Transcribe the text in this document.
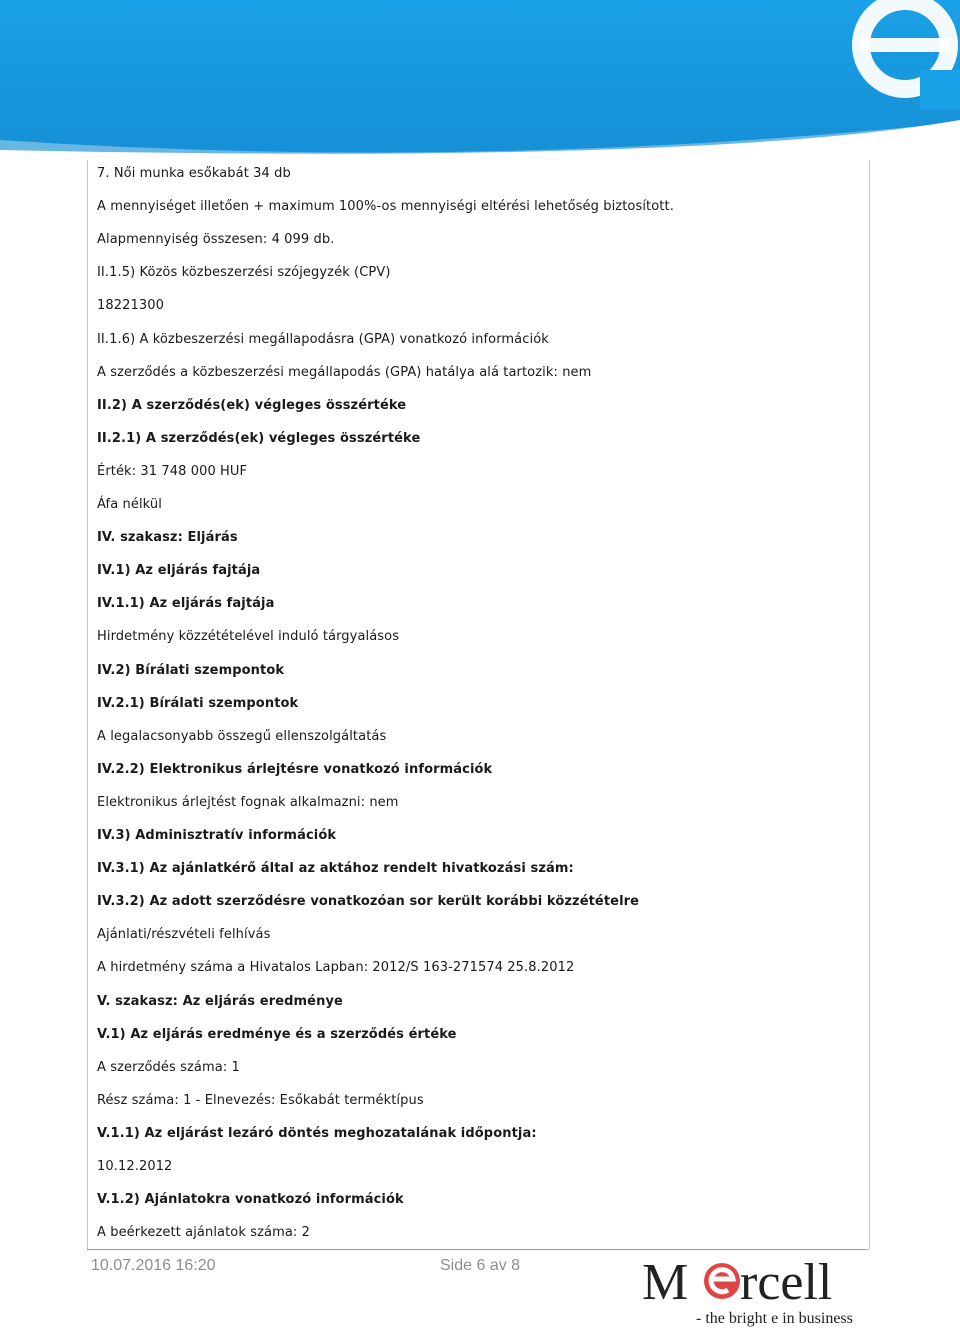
7. Női munka esőkabát 34 db
A mennyiséget illetően + maximum 100%-os mennyiségi eltérési lehetőség biztosított.
Alapmennyiség összesen: 4 099 db.
II.1.5) Közös közbeszerzési szójegyzék (CPV)
18221300
II.1.6) A közbeszerzési megállapodásra (GPA) vonatkozó információk
A szerződés a közbeszerzési megállapodás (GPA) hatálya alá tartozik: nem
II.2) A szerződés(ek) végleges összértéke
II.2.1) A szerződés(ek) végleges összértéke
Érték: 31 748 000 HUF
Áfa nélkül
IV. szakasz: Eljárás
IV.1) Az eljárás fajtája
IV.1.1) Az eljárás fajtája
Hirdetmény közzétételével induló tárgyalásos
IV.2) Bírálati szempontok
IV.2.1) Bírálati szempontok
A legalacsonyabb összegű ellenszolgáltatás
IV.2.2) Elektronikus árlejtésre vonatkozó információk
Elektronikus árlejtést fognak alkalmazni: nem
IV.3) Adminisztratív információk
IV.3.1) Az ajánlatkérő által az aktához rendelt hivatkozási szám:
IV.3.2) Az adott szerződésre vonatkozóan sor került korábbi közzétételre
Ajánlati/részvételi felhívás
A hirdetmény száma a Hivatalos Lapban: 2012/S 163-271574 25.8.2012
V. szakasz: Az eljárás eredménye
V.1) Az eljárás eredménye és a szerződés értéke
A szerződés száma: 1
Rész száma: 1 - Elnevezés: Esőkabát terméktípus
V.1.1) Az eljárást lezáró döntés meghozatalának időpontja:
10.12.2012
V.1.2) Ajánlatokra vonatkozó információk
A beérkezett ajánlatok száma: 2
10.07.2016 16:20	Side 6 av 8 M rcell
- the bright e in business
